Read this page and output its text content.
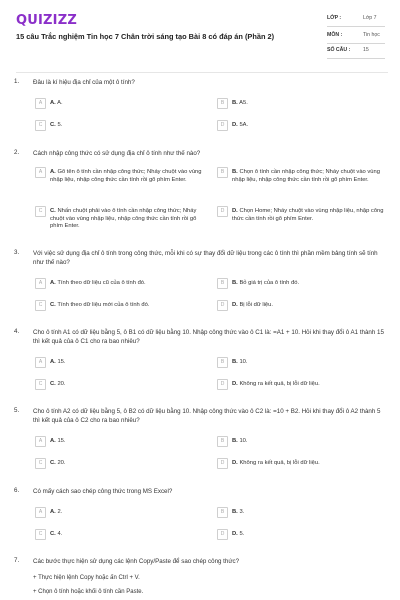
QUIZIZZ
15 câu Trắc nghiệm Tin học 7 Chân trời sáng tạo Bài 8 có đáp án (Phần 2)
LỚP :	Lớp 7
MÔN :	Tin học
SỐ CÂU : 15
1. Đâu là kí hiệu địa chỉ của một ô tính?
A	A. A.	B	B. A5.
C	C. 5.	D	D. 5A.
2. Cách nhập công thức có sử dụng địa chỉ ô tính như thế nào?
A	A. Gõ tên ô tính cần nhập công thức; Nháy chuột vào vùng nhập liệu, nhập công thức cần tính rồi gõ phím Enter.
B	B. Chọn ô tính cần nhập công thức; Nháy chuột vào vùng nhập liệu, nhập công thức cần tính rồi gõ phím Enter.
C	C. Nhấn chuột phải vào ô tính cần nhập công thức; Nháy chuột vào vùng nhập liệu, nhập công thức cần tính rồi gõ phím Enter.
D	D. Chọn Home; Nháy chuột vào vùng nhập liệu, nhập công thức cần tính rồi gõ phím Enter.
3. Với việc sử dụng địa chỉ ô tính trong công thức, mỗi khi có sự thay đổi dữ liệu trong các ô tính thì phần mềm bảng tính sẽ tính như thế nào?
A	A. Tính theo dữ liệu cũ của ô tính đó.	B	B. Bỏ giá trị của ô tính đó.
C	C. Tính theo dữ liệu mới của ô tính đó.	D	D. Bị lỗi dữ liệu.
4. Cho ô tính A1 có dữ liệu bằng 5, ô B1 có dữ liệu bằng 10. Nhập công thức vào ô C1 là: =A1 + 10. Hỏi khi thay đổi ô A1 thành 15 thì kết quả của ô C1 cho ra bao nhiêu?
A	A. 15.	B	B. 10.
C	C. 20.	D	D. Không ra kết quả, bị lỗi dữ liệu.
5. Cho ô tính A2 có dữ liệu bằng 5, ô B2 có dữ liệu bằng 10. Nhập công thức vào ô C2 là: =10 + B2. Hỏi khi thay đổi ô A2 thành 5 thì kết quả của ô C2 cho ra bao nhiêu?
A	A. 15.	B	B. 10.
C	C. 20.	D	D. Không ra kết quả, bị lỗi dữ liệu.
6. Có mấy cách sao chép công thức trong MS Excel?
A	A. 2.	B	B. 3.
C	C. 4.	D	D. 5.
7. Các bước thực hiện sử dụng các lệnh Copy/Paste để sao chép công thức?
+ Thực hiện lệnh Copy hoặc ấn Ctrl + V.
+ Chọn ô tính hoặc khối ô tính cần Paste.
